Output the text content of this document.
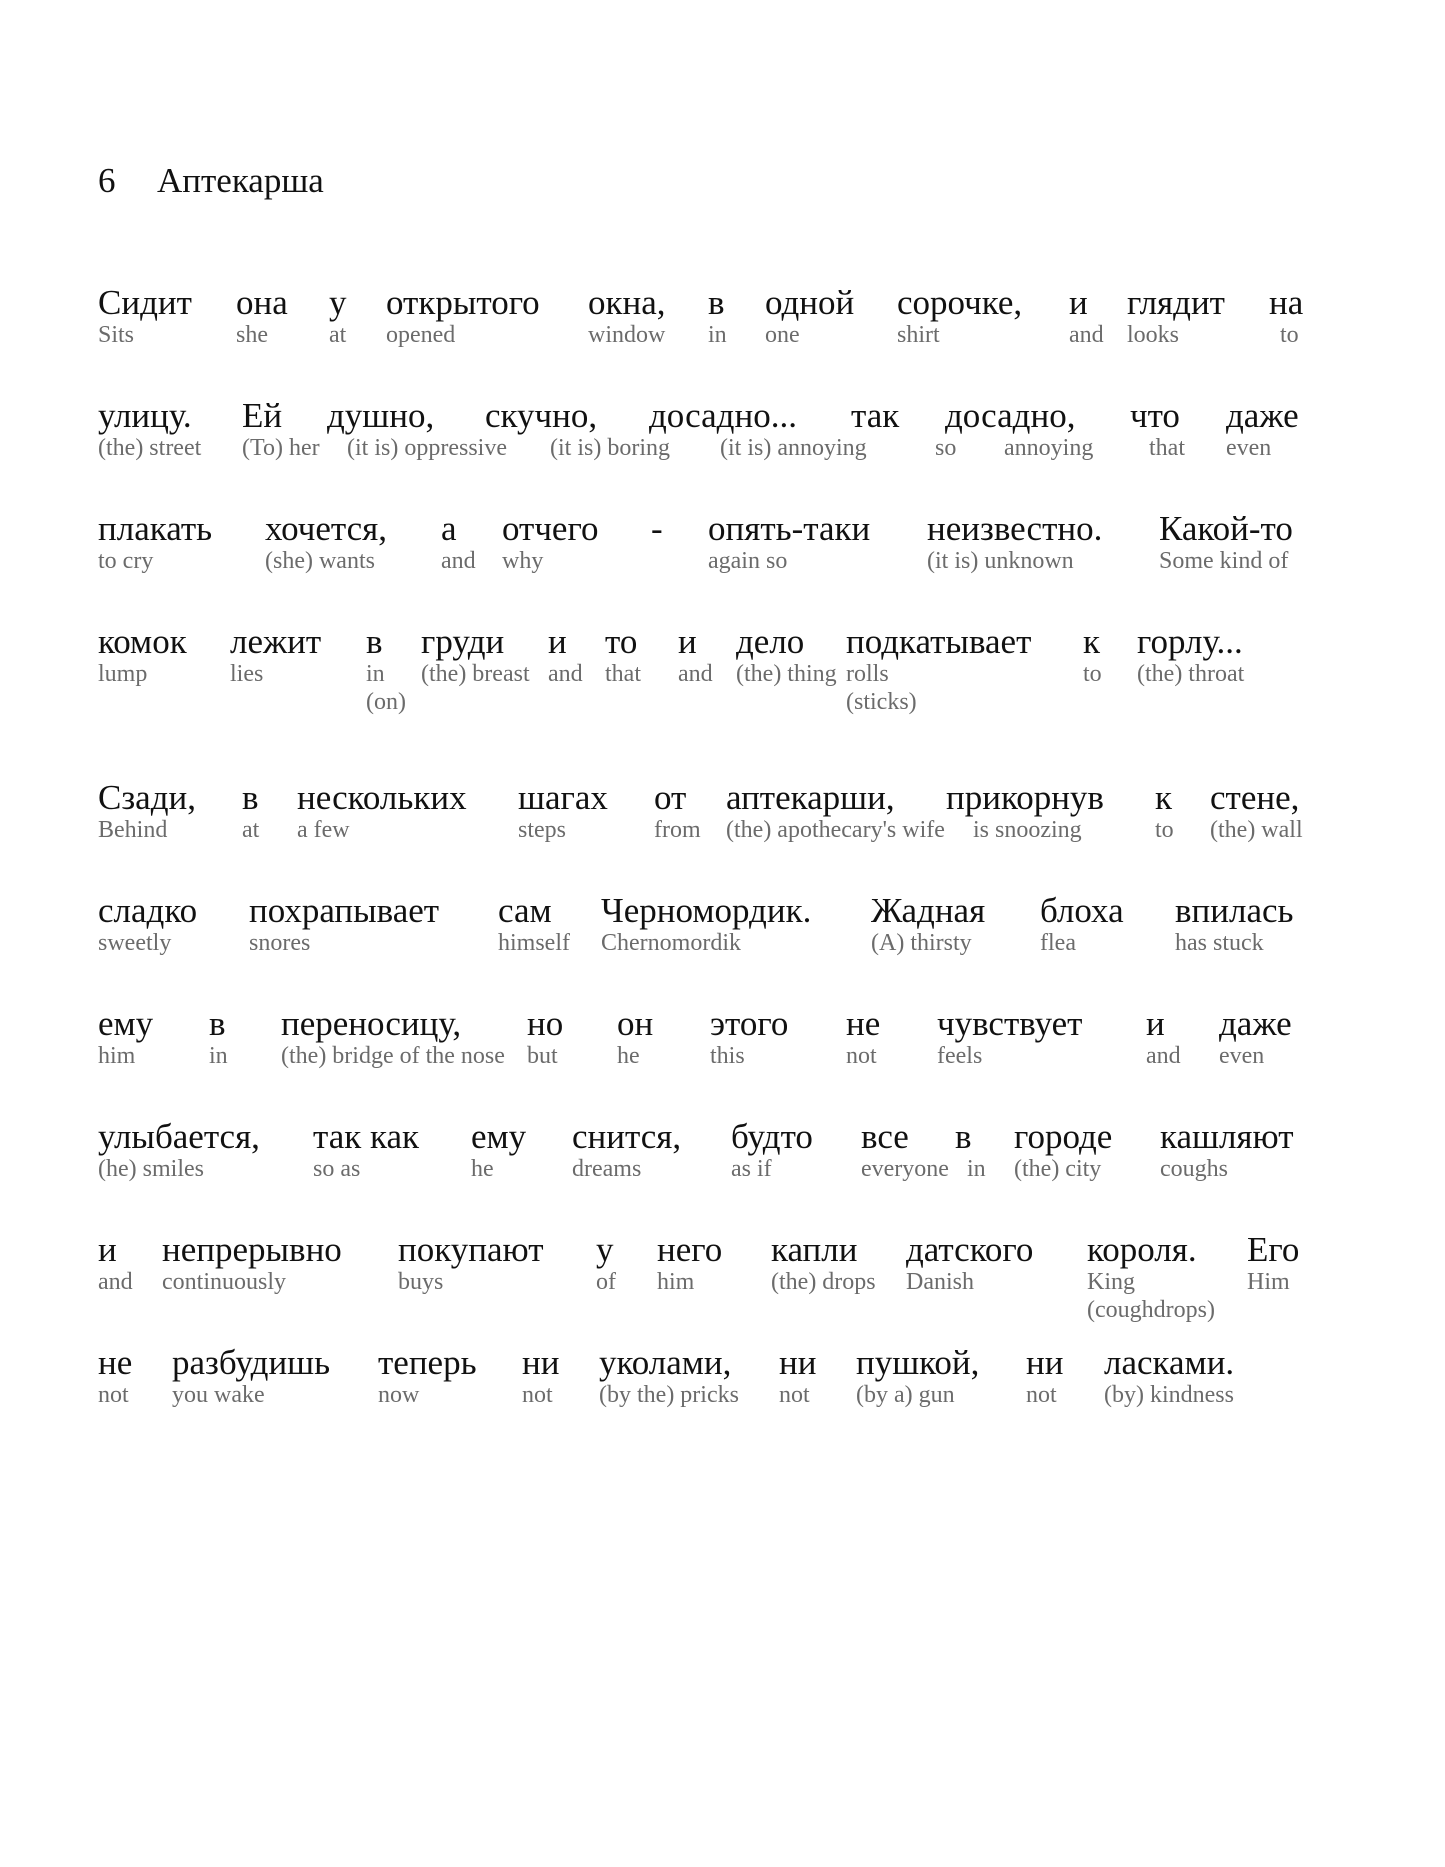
6 Аптекарша
Сидит
Sits
она
she
у
at
открытого
opened
окна,
window
в
in
одной
one
сорочке,
shirt
и
and
глядит
looks
на
to
улицу.
(the) street
Ей
(To) her
душно,
(it is) oppressive
скучно,
(it is) boring
досадно...
(it is) annoying
так
so
досадно,
annoying
что
that
даже
even
плакать
to cry
хочется,
(she) wants
а
and
отчего
why
- опять-таки
again so
неизвестно.
(it is) unknown
Какой-то
Some kind of
комок
lump
лежит
lies
в
in
(on)
груди
(the) breast
и
and
то
that
и
and
дело
(the) thing
подкатывает
rolls
(sticks)
к
to
горлу...
(the) throat
Сзади,
Behind
в
at
нескольких
a few
шагах
steps
от
from
аптекарши,
(the) apothecary's wife
прикорнув
is snoozing
к
to
стене,
(the) wall
сладко
sweetly
похрапывает
snores
сам
himself
Черномордик.
Chernomordik
Жадная
(A) thirsty
блоха
flea
впилась
has stuck
ему
him
в
in
переносицу,
(the) bridge of the nose
но
but
он
he
этого
this
не
not
чувствует
feels
и
and
даже
even
улыбается,
(he) smiles
так как
so as
ему
he
снится,
dreams
будто
as if
все
everyone
в
in
городе
(the) city
кашляют
coughs
и
and
непрерывно
continuously
покупают
buys
у
of
него
him
капли
(the) drops
датского
Danish
короля.
King
(coughdrops)
Его
Him
не
not
разбудишь
you wake
теперь
now
ни
not
уколами,
(by the) pricks
ни
not
пушкой,
(by a) gun
ни
not
ласками.
(by) kindness
